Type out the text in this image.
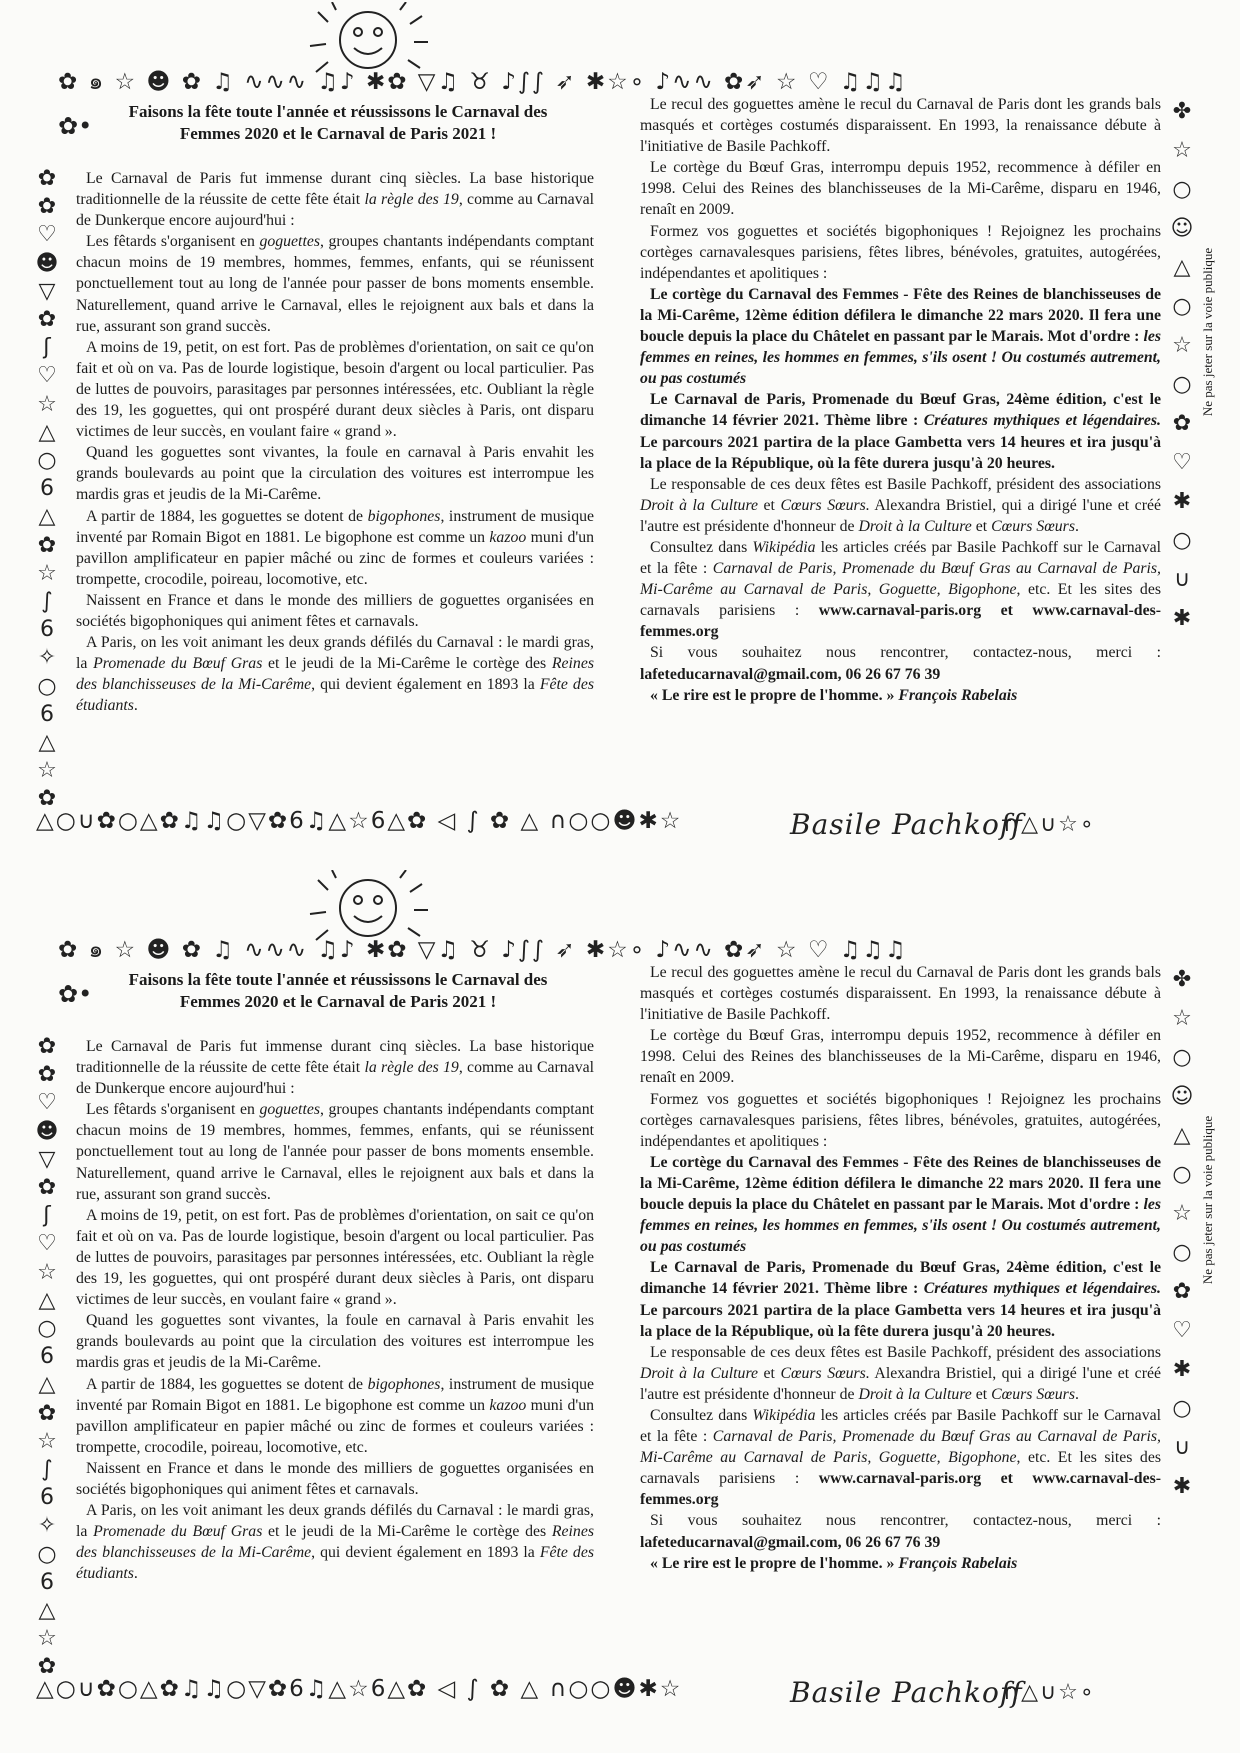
✿ ๑ ☆ ☻ ✿ ♫ ∿∿∿ ♫♪ ✱✿ ▽♫ ♉ ♪∫∫ ➶ ✱☆∘ ♪∿∿ ✿➶ ☆ ♡ ♫♫♫
✿•
Faisons la fête toute l'année et réussissons le Carnaval des
Femmes 2020 et le Carnaval de Paris 2021 !
✿ ✿ ♡ ☻ ▽ ✿ ʃ ♡ ☆ △ ○ 6 △ ✿ ☆ ∫ 6 ✧ ○ 6 △ ☆ ✿

Le Carnaval de Paris fut immense durant cinq siècles. La base historique traditionnelle de la réussite de cette fête était la règle des 19, comme au Carnaval de Dunkerque encore aujourd'hui :

Les fêtards s'organisent en goguettes, groupes chantants indépendants comptant chacun moins de 19 membres, hommes, femmes, enfants, qui se réunissent ponctuellement tout au long de l'année pour passer de bons moments ensemble. Naturellement, quand arrive le Carnaval, elles le rejoignent aux bals et dans la rue, assurant son grand succès.

A moins de 19, petit, on est fort. Pas de problèmes d'orientation, on sait ce qu'on fait et où on va. Pas de lourde logistique, besoin d'argent ou local particulier. Pas de luttes de pouvoirs, parasitages par personnes intéressées, etc. Oubliant la règle des 19, les goguettes, qui ont prospéré durant deux siècles à Paris, ont disparu victimes de leur succès, en voulant faire « grand ».

Quand les goguettes sont vivantes, la foule en carnaval à Paris envahit les grands boulevards au point que la circulation des voitures est interrompue les mardis gras et jeudis de la Mi-Carême.

A partir de 1884, les goguettes se dotent de bigophones, instrument de musique inventé par Romain Bigot en 1881. Le bigophone est comme un kazoo muni d'un pavillon amplificateur en papier mâché ou zinc de formes et couleurs variées : trompette, crocodile, poireau, locomotive, etc.

Naissent en France et dans le monde des milliers de goguettes organisées en sociétés bigophoniques qui animent fêtes et carnavals.

A Paris, on les voit animant les deux grands défilés du Carnaval : le mardi gras, la Promenade du Bœuf Gras et le jeudi de la Mi-Carême le cortège des Reines des blanchisseuses de la Mi-Carême, qui devient également en 1893 la Fête des étudiants.

Le recul des goguettes amène le recul du Carnaval de Paris dont les grands bals masqués et cortèges costumés disparaissent. En 1993, la renaissance débute à l'initiative de Basile Pachkoff.

Le cortège du Bœuf Gras, interrompu depuis 1952, recommence à défiler en 1998. Celui des Reines des blanchisseuses de la Mi-Carême, disparu en 1946, renaît en 2009.

Formez vos goguettes et sociétés bigophoniques ! Rejoignez les prochains cortèges carnavalesques parisiens, fêtes libres, bénévoles, gratuites, autogérées, indépendantes et apolitiques :

Le cortège du Carnaval des Femmes - Fête des Reines de blanchisseuses de la Mi-Carême, 12ème édition défilera le dimanche 22 mars 2020. Il fera une boucle depuis la place du Châtelet en passant par le Marais. Mot d'ordre : les femmes en reines, les hommes en femmes, s'ils osent ! Ou costumés autrement, ou pas costumés

Le Carnaval de Paris, Promenade du Bœuf Gras, 24ème édition, c'est le dimanche 14 février 2021. Thème libre : Créatures mythiques et légendaires. Le parcours 2021 partira de la place Gambetta vers 14 heures et ira jusqu'à la place de la République, où la fête durera jusqu'à 20 heures.

Le responsable de ces deux fêtes est Basile Pachkoff, président des associations Droit à la Culture et Cœurs Sœurs. Alexandra Bristiel, qui a dirigé l'une et créé l'autre est présidente d'honneur de Droit à la Culture et Cœurs Sœurs.

Consultez dans Wikipédia les articles créés par Basile Pachkoff sur le Carnaval et la fête : Carnaval de Paris, Promenade du Bœuf Gras au Carnaval de Paris, Mi-Carême au Carnaval de Paris, Goguette, Bigophone, etc. Et les sites des carnavals parisiens : www.carnaval-paris.org et www.carnaval-des-femmes.org

Si vous souhaitez nous rencontrer, contactez-nous, merci : lafeteducarnaval@gmail.com, 06 26 67 76 39

« Le rire est le propre de l'homme. » François Rabelais

✤ ☆ ○ ☺ △ ○ ☆ ○ ✿ ♡ ✱ ○ ∪ ✱
Ne pas jeter sur la voie publique
△○∪✿○△✿♫♫○▽✿6♫△☆6△✿ ◁ ∫ ✿ △ ∩○○☻✱☆	Basile Pachkoff
∩△∪☆∘
✿ ๑ ☆ ☻ ✿ ♫ ∿∿∿ ♫♪ ✱✿ ▽♫ ♉ ♪∫∫ ➶ ✱☆∘ ♪∿∿ ✿➶ ☆ ♡ ♫♫♫
✿•
Faisons la fête toute l'année et réussissons le Carnaval des
Femmes 2020 et le Carnaval de Paris 2021 !
✿ ✿ ♡ ☻ ▽ ✿ ʃ ♡ ☆ △ ○ 6 △ ✿ ☆ ∫ 6 ✧ ○ 6 △ ☆ ✿

Le Carnaval de Paris fut immense durant cinq siècles. La base historique traditionnelle de la réussite de cette fête était la règle des 19, comme au Carnaval de Dunkerque encore aujourd'hui :

Les fêtards s'organisent en goguettes, groupes chantants indépendants comptant chacun moins de 19 membres, hommes, femmes, enfants, qui se réunissent ponctuellement tout au long de l'année pour passer de bons moments ensemble. Naturellement, quand arrive le Carnaval, elles le rejoignent aux bals et dans la rue, assurant son grand succès.

A moins de 19, petit, on est fort. Pas de problèmes d'orientation, on sait ce qu'on fait et où on va. Pas de lourde logistique, besoin d'argent ou local particulier. Pas de luttes de pouvoirs, parasitages par personnes intéressées, etc. Oubliant la règle des 19, les goguettes, qui ont prospéré durant deux siècles à Paris, ont disparu victimes de leur succès, en voulant faire « grand ».

Quand les goguettes sont vivantes, la foule en carnaval à Paris envahit les grands boulevards au point que la circulation des voitures est interrompue les mardis gras et jeudis de la Mi-Carême.

A partir de 1884, les goguettes se dotent de bigophones, instrument de musique inventé par Romain Bigot en 1881. Le bigophone est comme un kazoo muni d'un pavillon amplificateur en papier mâché ou zinc de formes et couleurs variées : trompette, crocodile, poireau, locomotive, etc.

Naissent en France et dans le monde des milliers de goguettes organisées en sociétés bigophoniques qui animent fêtes et carnavals.

A Paris, on les voit animant les deux grands défilés du Carnaval : le mardi gras, la Promenade du Bœuf Gras et le jeudi de la Mi-Carême le cortège des Reines des blanchisseuses de la Mi-Carême, qui devient également en 1893 la Fête des étudiants.

Le recul des goguettes amène le recul du Carnaval de Paris dont les grands bals masqués et cortèges costumés disparaissent. En 1993, la renaissance débute à l'initiative de Basile Pachkoff.

Le cortège du Bœuf Gras, interrompu depuis 1952, recommence à défiler en 1998. Celui des Reines des blanchisseuses de la Mi-Carême, disparu en 1946, renaît en 2009.

Formez vos goguettes et sociétés bigophoniques ! Rejoignez les prochains cortèges carnavalesques parisiens, fêtes libres, bénévoles, gratuites, autogérées, indépendantes et apolitiques :

Le cortège du Carnaval des Femmes - Fête des Reines de blanchisseuses de la Mi-Carême, 12ème édition défilera le dimanche 22 mars 2020. Il fera une boucle depuis la place du Châtelet en passant par le Marais. Mot d'ordre : les femmes en reines, les hommes en femmes, s'ils osent ! Ou costumés autrement, ou pas costumés

Le Carnaval de Paris, Promenade du Bœuf Gras, 24ème édition, c'est le dimanche 14 février 2021. Thème libre : Créatures mythiques et légendaires. Le parcours 2021 partira de la place Gambetta vers 14 heures et ira jusqu'à la place de la République, où la fête durera jusqu'à 20 heures.

Le responsable de ces deux fêtes est Basile Pachkoff, président des associations Droit à la Culture et Cœurs Sœurs. Alexandra Bristiel, qui a dirigé l'une et créé l'autre est présidente d'honneur de Droit à la Culture et Cœurs Sœurs.

Consultez dans Wikipédia les articles créés par Basile Pachkoff sur le Carnaval et la fête : Carnaval de Paris, Promenade du Bœuf Gras au Carnaval de Paris, Mi-Carême au Carnaval de Paris, Goguette, Bigophone, etc. Et les sites des carnavals parisiens : www.carnaval-paris.org et www.carnaval-des-femmes.org

Si vous souhaitez nous rencontrer, contactez-nous, merci : lafeteducarnaval@gmail.com, 06 26 67 76 39

« Le rire est le propre de l'homme. » François Rabelais

✤ ☆ ○ ☺ △ ○ ☆ ○ ✿ ♡ ✱ ○ ∪ ✱
Ne pas jeter sur la voie publique
△○∪✿○△✿♫♫○▽✿6♫△☆6△✿ ◁ ∫ ✿ △ ∩○○☻✱☆	Basile Pachkoff
∩△∪☆∘
